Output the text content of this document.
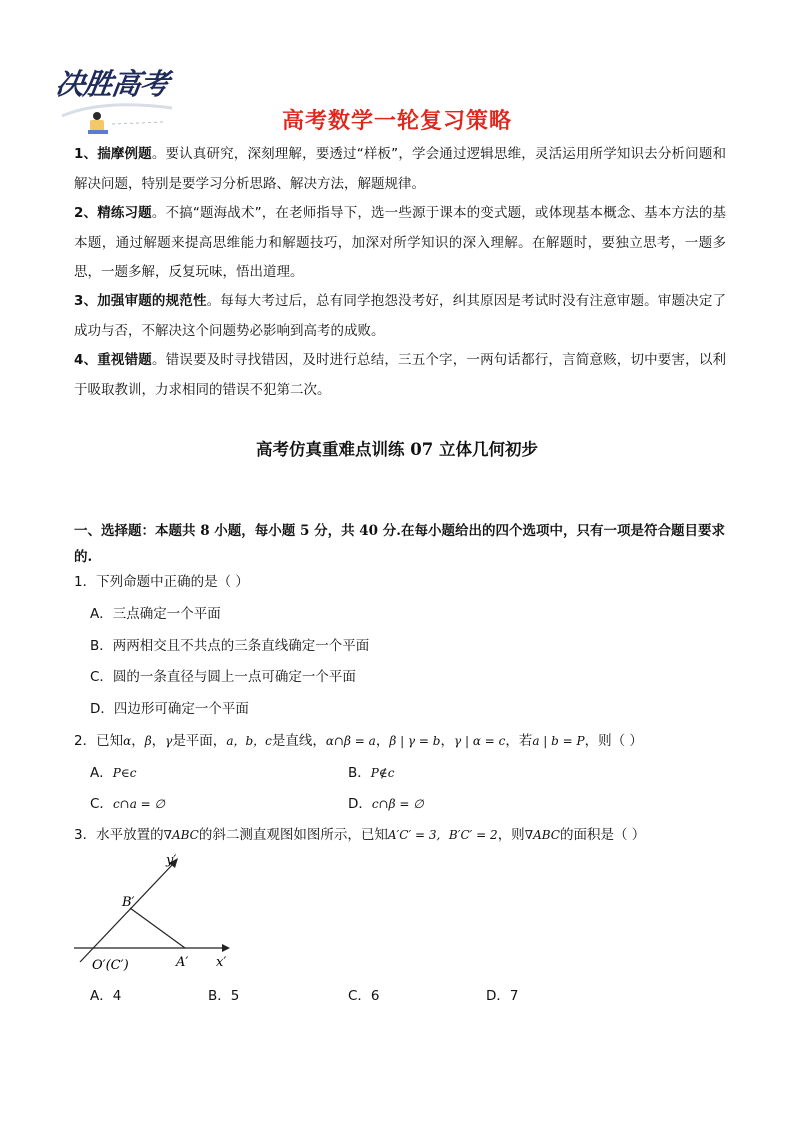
决胜高考
高考数学一轮复习策略
1、揣摩例题。要认真研究，深刻理解，要透过“样板”，学会通过逻辑思维，灵活运用所学知识去分析问题和解决问题，特别是要学习分析思路、解决方法，解题规律。
2、精练习题。不搞“题海战术”，在老师指导下，选一些源于课本的变式题，或体现基本概念、基本方法的基本题，通过解题来提高思维能力和解题技巧，加深对所学知识的深入理解。在解题时，要独立思考，一题多思，一题多解，反复玩味，悟出道理。
3、加强审题的规范性。每每大考过后，总有同学抱怨没考好，纠其原因是考试时没有注意审题。审题决定了成功与否，不解决这个问题势必影响到高考的成败。
4、重视错题。错误要及时寻找错因，及时进行总结，三五个字，一两句话都行，言简意赅，切中要害，以利于吸取教训，力求相同的错误不犯第二次。
高考仿真重难点训练 07 立体几何初步
一、选择题：本题共 8 小题，每小题 5 分，共 40 分.在每小题给出的四个选项中，只有一项是符合题目要求的.
1．下列命题中正确的是（ ）
A．三点确定一个平面
B．两两相交且不共点的三条直线确定一个平面
C．圆的一条直径与圆上一点可确定一个平面
D．四边形可确定一个平面
2．已知α，β，γ是平面，a，b，c是直线，α∩β = a，β | γ = b，γ | α = c，若a | b = P，则（ ）
A．P∈c	B．P∉c
C．c∩a = ∅	D．c∩β = ∅
3．水平放置的∇ABC的斜二测直观图如图所示，已知A′C′ = 3, B′C′ = 2，则∇ABC的面积是（ ）
y′
x′
B′
A′
O′(C′)
A．4	B．5	C．6	D．7
